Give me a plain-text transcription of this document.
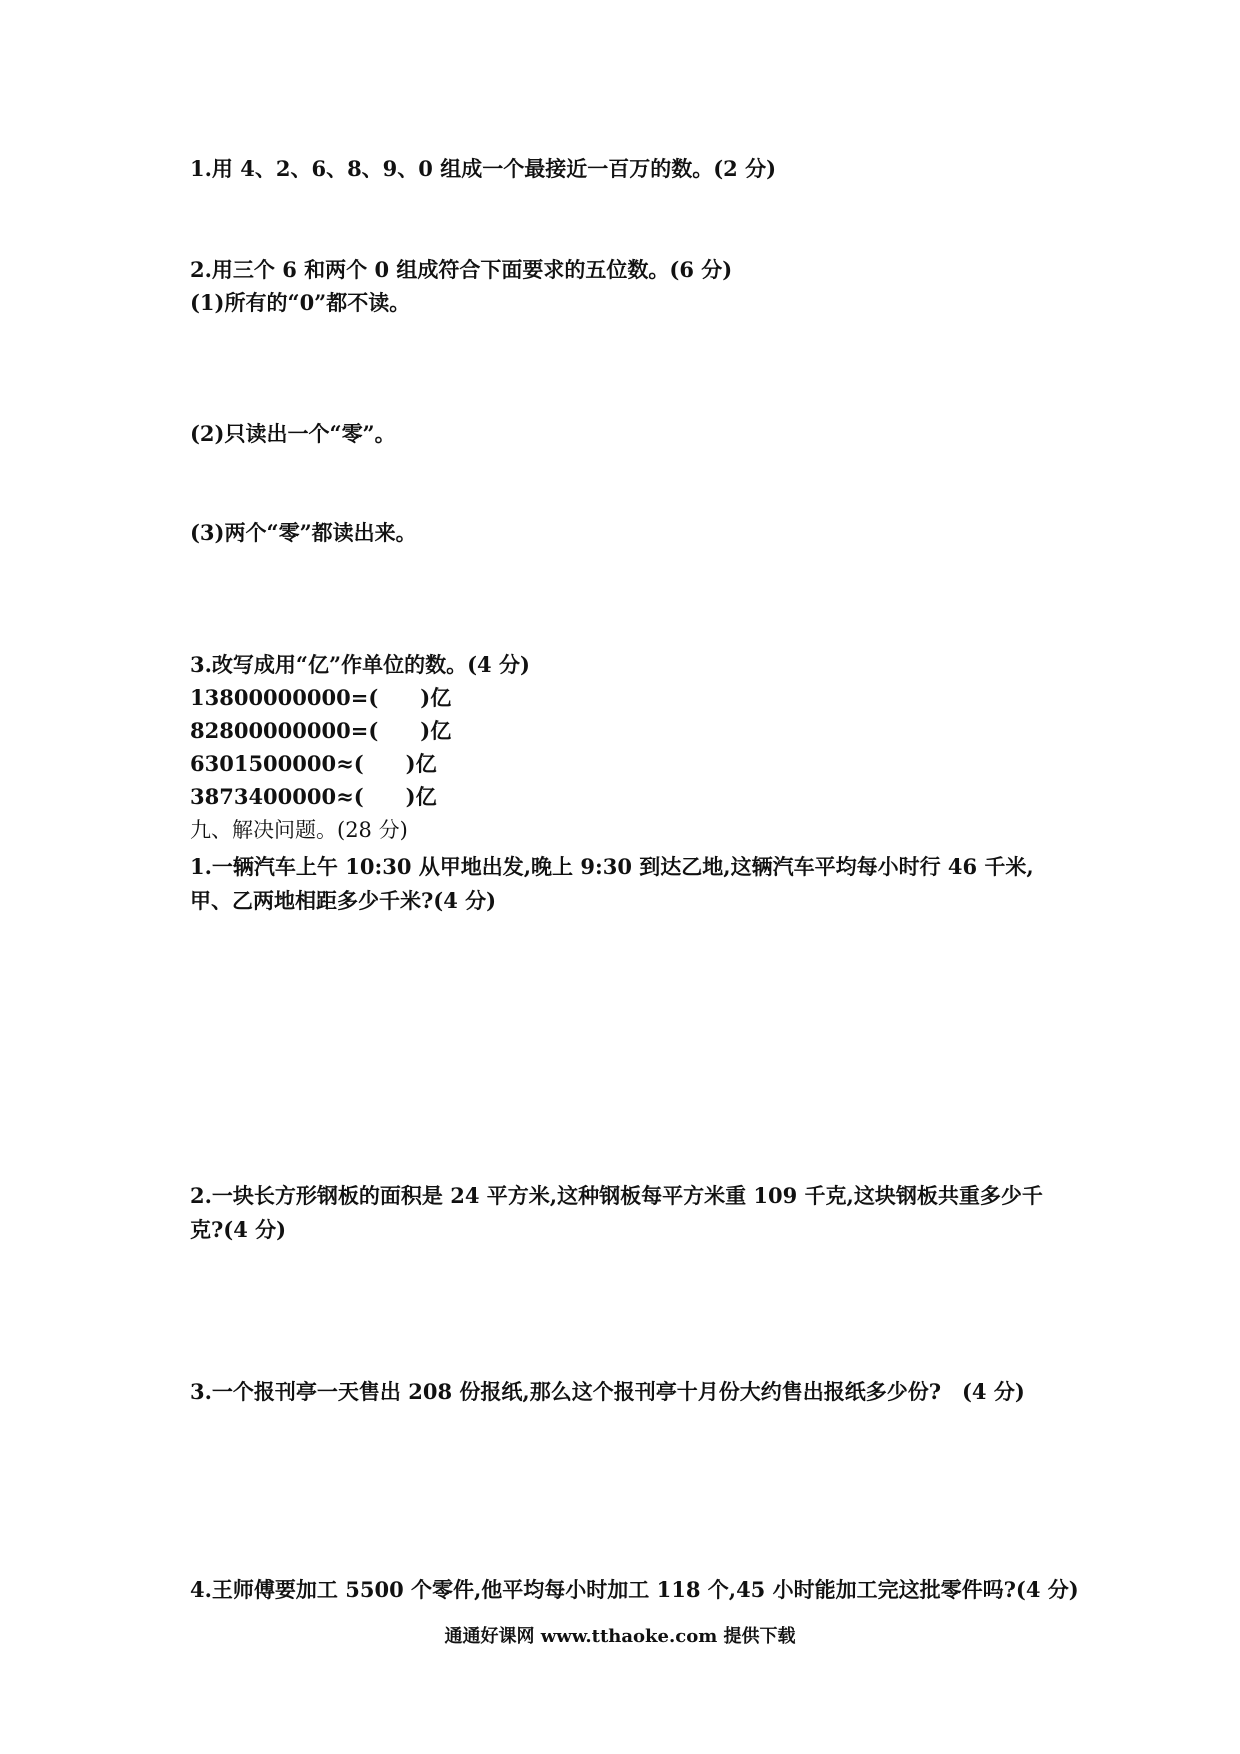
1.用 4、2、6、8、9、0 组成一个最接近一百万的数。(2 分)
2.用三个 6 和两个 0 组成符合下面要求的五位数。(6 分)
(1)所有的“0”都不读。
(2)只读出一个“零”。
(3)两个“零”都读出来。
3.改写成用“亿”作单位的数。(4 分)
13800000000=(　　)亿
82800000000=(　　)亿
6301500000≈(　　)亿
3873400000≈(　　)亿
九、解决问题。(28 分)
1.一辆汽车上午 10:30 从甲地出发,晚上 9:30 到达乙地,这辆汽车平均每小时行 46 千米,甲、乙两地相距多少千米?(4 分)
2.一块长方形钢板的面积是 24 平方米,这种钢板每平方米重 109 千克,这块钢板共重多少千克?(4 分)
3.一个报刊亭一天售出 208 份报纸,那么这个报刊亭十月份大约售出报纸多少份?　(4 分)
4.王师傅要加工 5500 个零件,他平均每小时加工 118 个,45 小时能加工完这批零件吗?(4 分)
通通好课网 www.tthaoke.com 提供下载
